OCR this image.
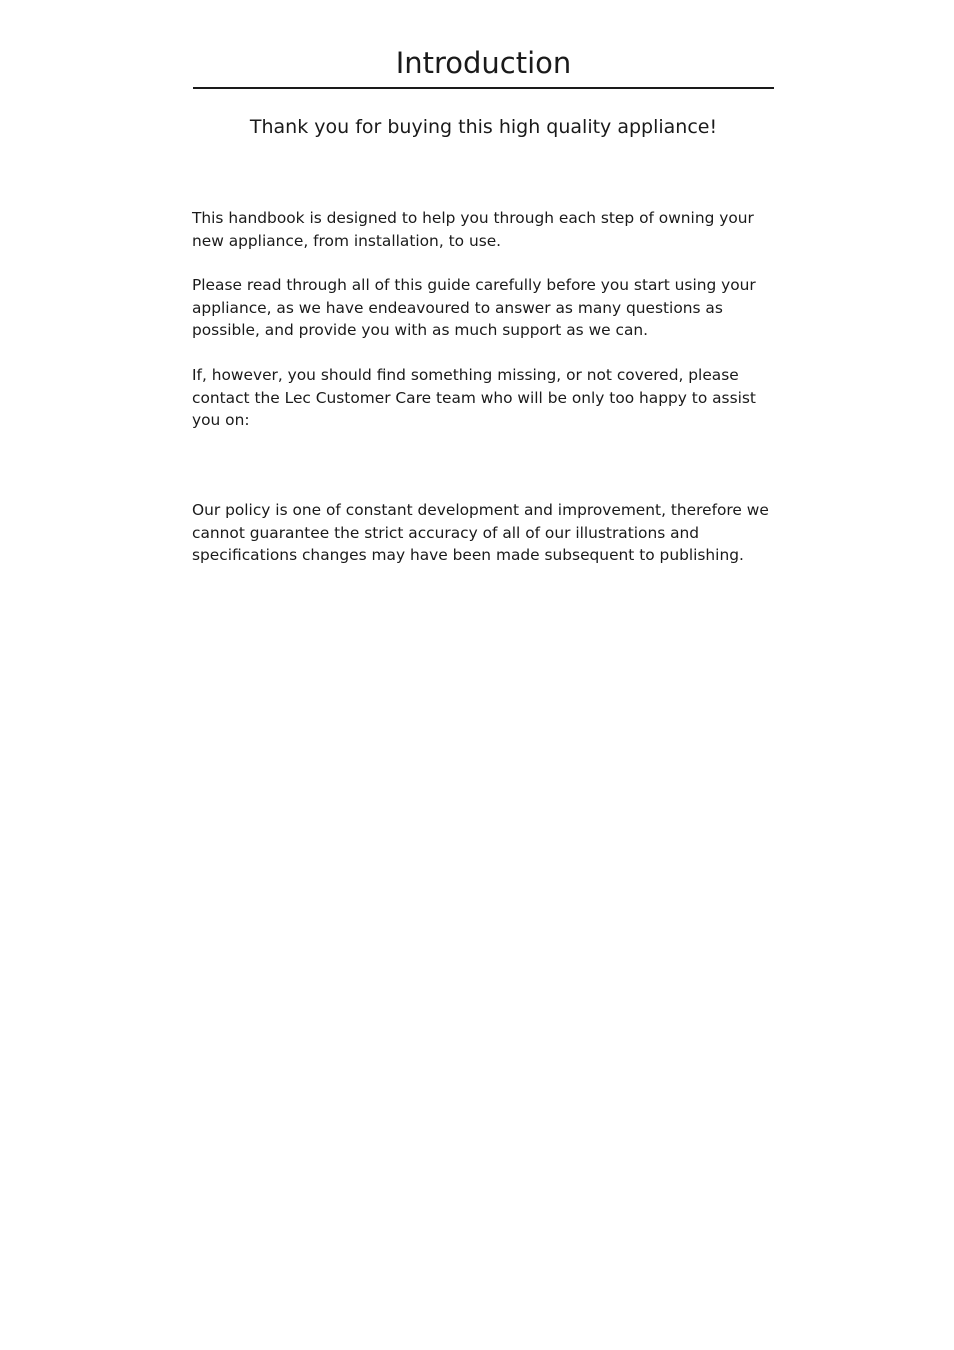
Introduction

Thank you for buying this high quality appliance!

This handbook is designed to help you through each step of owning your new appliance, from installation, to use.

Please read through all of this guide carefully before you start using your appliance, as we have endeavoured to answer as many questions as possible, and provide you with as much support as we can.

If, however, you should find something missing, or not covered, please contact the Lec Customer Care team who will be only too happy to assist you on:

Our policy is one of constant development and improvement, therefore we cannot guarantee the strict accuracy of all of our illustrations and specifications changes may have been made subsequent to publishing.
